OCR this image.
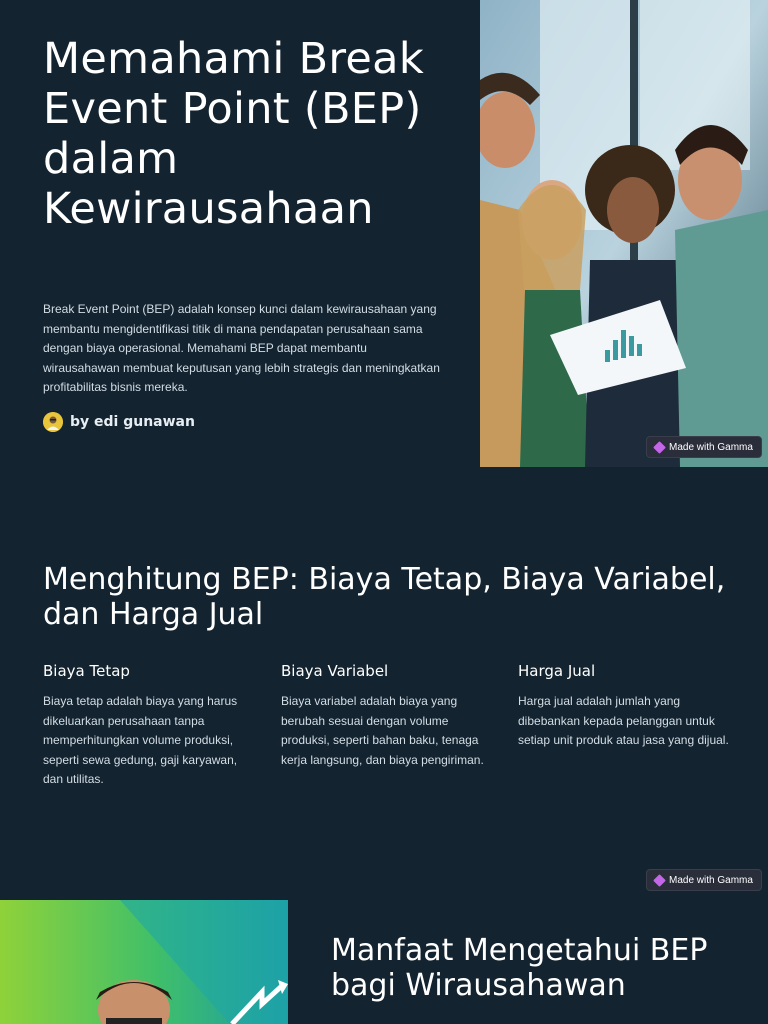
Memahami Break Event Point (BEP) dalam Kewirausahaan

Break Event Point (BEP) adalah konsep kunci dalam kewirausahaan yang membantu mengidentifikasi titik di mana pendapatan perusahaan sama dengan biaya operasional. Memahami BEP dapat membantu wirausahawan membuat keputusan yang lebih strategis dan meningkatkan profitabilitas bisnis mereka.

by edi gunawan
Made with Gamma
Menghitung BEP: Biaya Tetap, Biaya Variabel, dan Harga Jual
Biaya Tetap

Biaya tetap adalah biaya yang harus dikeluarkan perusahaan tanpa memperhitungkan volume produksi, seperti sewa gedung, gaji karyawan, dan utilitas.

Biaya Variabel

Biaya variabel adalah biaya yang berubah sesuai dengan volume produksi, seperti bahan baku, tenaga kerja langsung, dan biaya pengiriman.

Harga Jual

Harga jual adalah jumlah yang dibebankan kepada pelanggan untuk setiap unit produk atau jasa yang dijual.

Made with Gamma
Manfaat Mengetahui BEP bagi Wirausahawan
